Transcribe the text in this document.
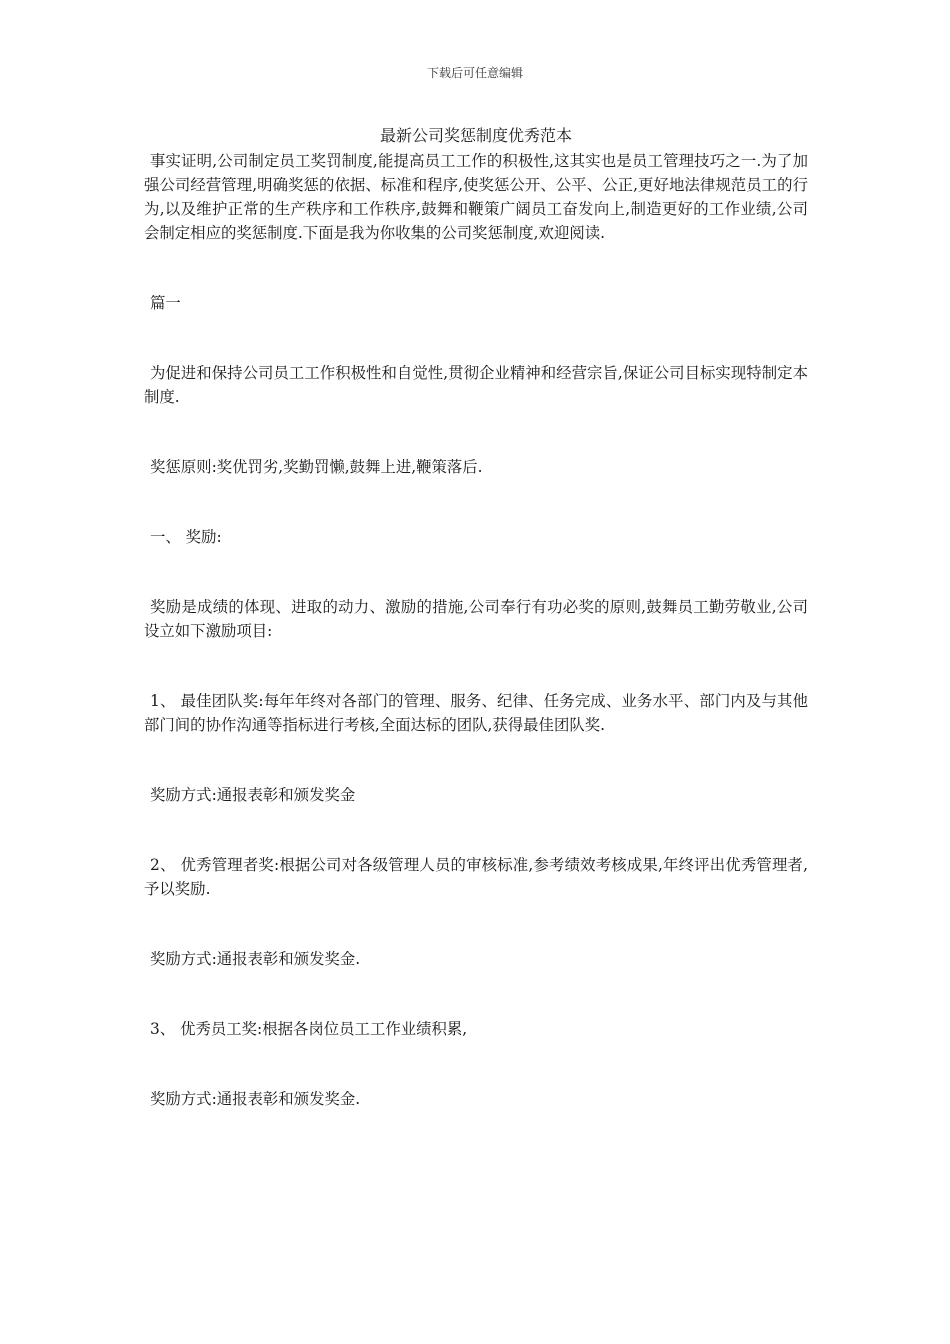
下载后可任意编辑
最新公司奖惩制度优秀范本

事实证明,公司制定员工奖罚制度,能提高员工工作的积极性,这其实也是员工管理技巧之一.为了加强公司经营管理,明确奖惩的依据、标准和程序,使奖惩公开、公平、公正,更好地法律规范员工的行为,以及维护正常的生产秩序和工作秩序,鼓舞和鞭策广阔员工奋发向上,制造更好的工作业绩,公司会制定相应的奖惩制度.下面是我为你收集的公司奖惩制度,欢迎阅读.

篇一

为促进和保持公司员工工作积极性和自觉性,贯彻企业精神和经营宗旨,保证公司目标实现特制定本制度.

奖惩原则:奖优罚劣,奖勤罚懒,鼓舞上进,鞭策落后.

一、 奖励:

奖励是成绩的体现、进取的动力、激励的措施,公司奉行有功必奖的原则,鼓舞员工勤劳敬业,公司设立如下激励项目:

1、 最佳团队奖:每年年终对各部门的管理、服务、纪律、任务完成、业务水平、部门内及与其他部门间的协作沟通等指标进行考核,全面达标的团队,获得最佳团队奖.

奖励方式:通报表彰和颁发奖金

2、 优秀管理者奖:根据公司对各级管理人员的审核标准,参考绩效考核成果,年终评出优秀管理者,予以奖励.

奖励方式:通报表彰和颁发奖金.

3、 优秀员工奖:根据各岗位员工工作业绩积累,

奖励方式:通报表彰和颁发奖金.
